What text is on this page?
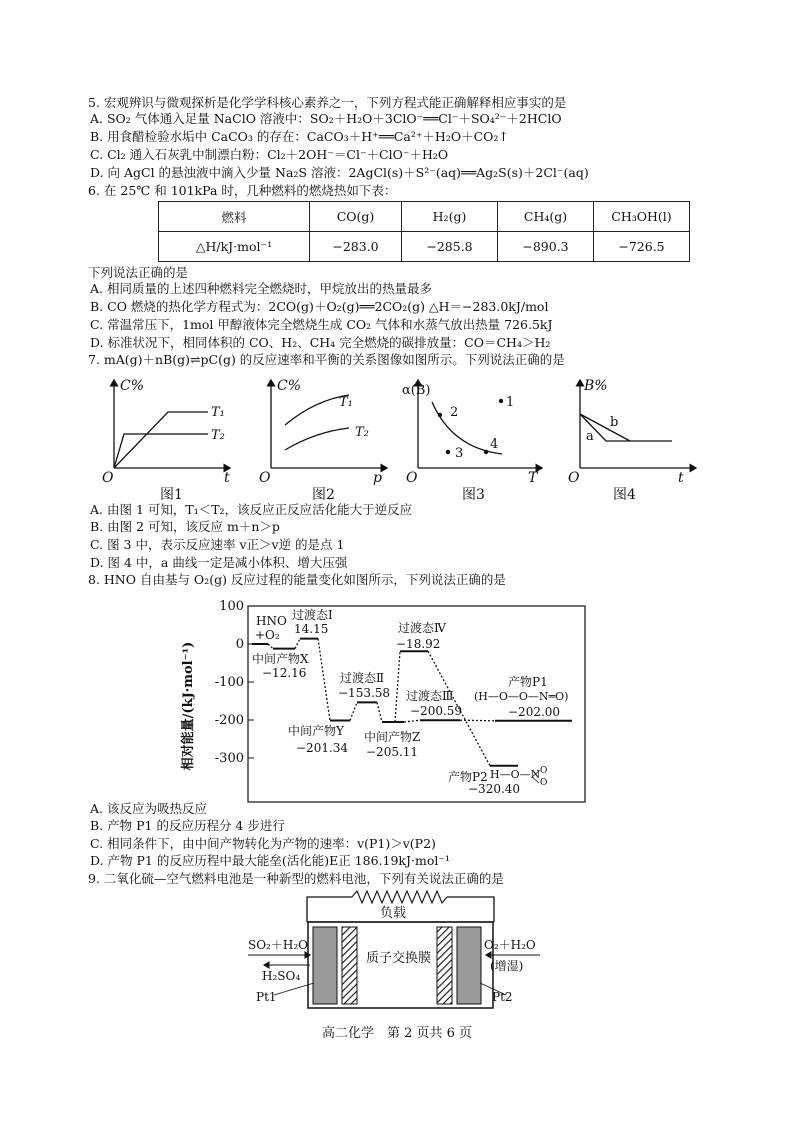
5. 宏观辨识与微观探析是化学学科核心素养之一，下列方程式能正确解释相应事实的是
A. SO₂ 气体通入足量 NaClO 溶液中：SO₂＋H₂O＋3ClO⁻══Cl⁻＋SO₄²⁻＋2HClO
B. 用食醋检验水垢中 CaCO₃ 的存在：CaCO₃＋H⁺══Ca²⁺＋H₂O＋CO₂↑
C. Cl₂ 通入石灰乳中制漂白粉：Cl₂＋2OH⁻＝Cl⁻＋ClO⁻＋H₂O
D. 向 AgCl 的悬浊液中滴入少量 Na₂S 溶液：2AgCl(s)＋S²⁻(aq)══Ag₂S(s)＋2Cl⁻(aq)
6. 在 25℃ 和 101kPa 时，几种燃料的燃烧热如下表：
燃料	CO(g)	H₂(g)	CH₄(g)	CH₃OH(l)
△H/kJ·mol⁻¹	−283.0	−285.8	−890.3	−726.5
下列说法正确的是
A. 相同质量的上述四种燃料完全燃烧时，甲烷放出的热量最多
B. CO 燃烧的热化学方程式为：2CO(g)＋O₂(g)══2CO₂(g) △H＝−283.0kJ/mol
C. 常温常压下，1mol 甲醇液体完全燃烧生成 CO₂ 气体和水蒸气放出热量 726.5kJ
D. 标准状况下，相同体积的 CO、H₂、CH₄ 完全燃烧的碳排放量：CO＝CH₄＞H₂
7. mA(g)＋nB(g)⇌pC(g) 的反应速率和平衡的关系图像如图所示。下列说法正确的是
C%
t
O
T₁
T₂
图1
C%
p
O
T₁
T₂
图2
α(B)
T
O
1
2
3
4
图3
B%
t
O
a
b
图4
A. 由图 1 可知，T₁＜T₂，该反应正反应活化能大于逆反应
B. 由图 2 可知，该反应 m＋n＞p
C. 图 3 中，表示反应速率 v正＞v逆 的是点 1
D. 图 4 中，a 曲线一定是减小体积、增大压强
8. HNO 自由基与 O₂(g) 反应过程的能量变化如图所示，下列说法正确的是
100
0
-100
-200
-300
相对能量/(kJ·mol⁻¹)
HNO
+O₂
过渡态Ⅰ
14.15
中间产物X
−12.16	过渡态Ⅱ
−153.58
过渡态Ⅳ
−18.92
过渡态Ⅲ
−200.59
中间产物Y
−201.34
中间产物Z
−205.11
产物P1
(H—O—O—N═O)
−202.00
产物P2 H—O—N O
O
−320.40
A. 该反应为吸热反应
B. 产物 P1 的反应历程分 4 步进行
C. 相同条件下，由中间产物转化为产物的速率：v(P1)＞v(P2)
D. 产物 P1 的反应历程中最大能垒(活化能)E正 186.19kJ·mol⁻¹
9. 二氧化硫—空气燃料电池是一种新型的燃料电池，下列有关说法正确的是
负载
质子交换膜
SO₂＋H₂O
H₂SO₄
O₂＋H₂O
(增湿)
Pt1	Pt2
高二化学　第 2 页共 6 页
